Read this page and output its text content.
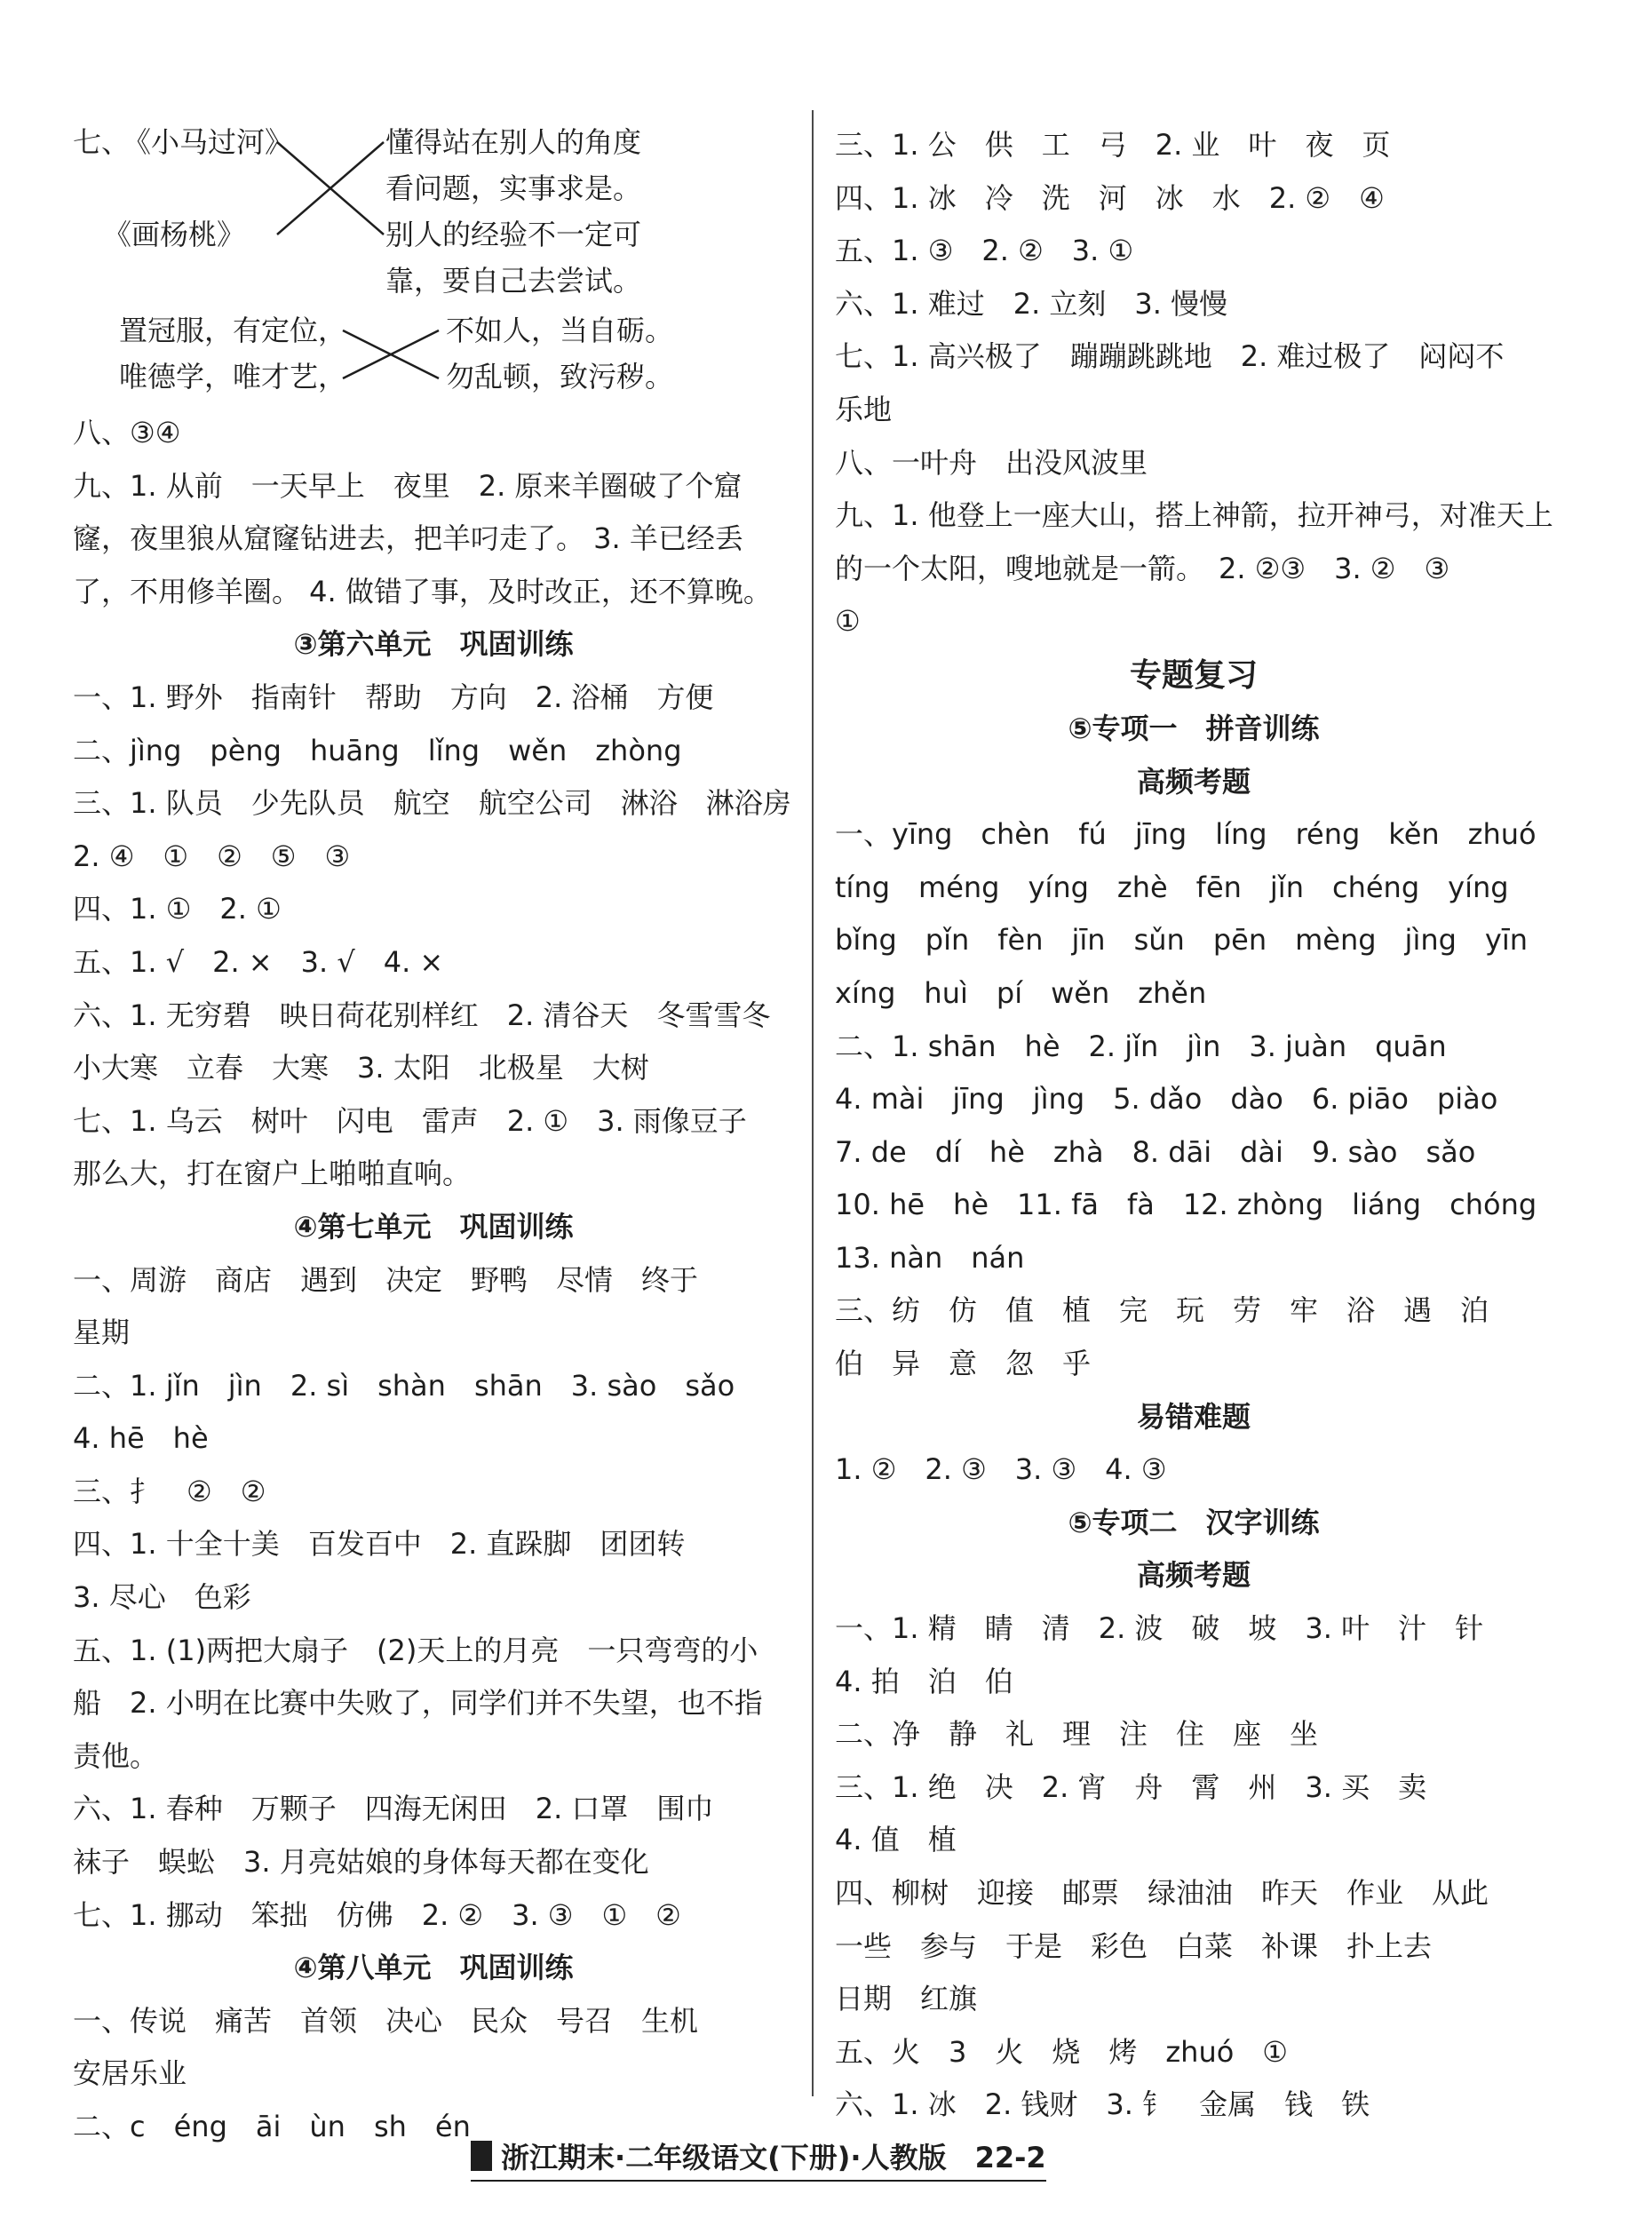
七、
《小马过河》
《画杨桃》
懂得站在别人的角度
看问题，实事求是。
别人的经验不一定可
靠，要自己去尝试。
置冠服，有定位，
唯德学，唯才艺，
不如人，当自砺。
勿乱顿，致污秽。
八、③④
九、1. 从前　一天早上　夜里　2. 原来羊圈破了个窟
窿，夜里狼从窟窿钻进去，把羊叼走了。 3. 羊已经丢
了，不用修羊圈。 4. 做错了事，及时改正，还不算晚。
③第六单元　巩固训练
一、1. 野外　指南针　帮助　方向　2. 浴桶　方便
二、jìng　pèng　huāng　lǐng　wěn　zhòng
三、1. 队员　少先队员　航空　航空公司　淋浴　淋浴房
2. ④　①　②　⑤　③
四、1. ①　2. ①
五、1. √　2. ×　3. √　4. ×
六、1. 无穷碧　映日荷花别样红　2. 清谷天　冬雪雪冬
小大寒　立春　大寒　3. 太阳　北极星　大树
七、1. 乌云　树叶　闪电　雷声　2. ①　3. 雨像豆子
那么大，打在窗户上啪啪直响。
④第七单元　巩固训练
一、周游　商店　遇到　决定　野鸭　尽情　终于
星期
二、1. jǐn　jìn　2. sì　shàn　shān　3. sào　sǎo
4. hē　hè
三、扌　②　②
四、1. 十全十美　百发百中　2. 直跺脚　团团转
3. 尽心　色彩
五、1. (1)两把大扇子　(2)天上的月亮　一只弯弯的小
船　2. 小明在比赛中失败了，同学们并不失望，也不指
责他。
六、1. 春种　万颗子　四海无闲田　2. 口罩　围巾
袜子　蜈蚣　3. 月亮姑娘的身体每天都在变化
七、1. 挪动　笨拙　仿佛　2. ②　3. ③　①　②
④第八单元　巩固训练
一、传说　痛苦　首领　决心　民众　号召　生机
安居乐业
二、c　éng　āi　ùn　sh　én
三、1. 公　供　工　弓　2. 业　叶　夜　页
四、1. 冰　冷　洗　河　冰　水　2. ②　④
五、1. ③　2. ②　3. ①
六、1. 难过　2. 立刻　3. 慢慢
七、1. 高兴极了　蹦蹦跳跳地　2. 难过极了　闷闷不
乐地
八、一叶舟　出没风波里
九、1. 他登上一座大山，搭上神箭，拉开神弓，对准天上
的一个太阳，嗖地就是一箭。　2. ②③　3. ②　③
①
专题复习
⑤专项一　拼音训练
高频考题
一、yīng　chèn　fú　jīng　líng　réng　kěn　zhuó
tíng　méng　yíng　zhè　fēn　jǐn　chéng　yíng
bǐng　pǐn　fèn　jīn　sǔn　pēn　mèng　jìng　yīn
xíng　huì　pí　wěn　zhěn
二、1. shān　hè　2. jǐn　jìn　3. juàn　quān
4. mài　jīng　jìng　5. dǎo　dào　6. piāo　piào
7. de　dí　hè　zhà　8. dāi　dài　9. sào　sǎo
10. hē　hè　11. fā　fà　12. zhòng　liáng　chóng
13. nàn　nán
三、纺　仿　值　植　完　玩　劳　牢　浴　遇　泊
伯　异　意　忽　乎
易错难题
1. ②　2. ③　3. ③　4. ③
⑤专项二　汉字训练
高频考题
一、1. 精　睛　清　2. 波　破　坡　3. 叶　汁　针
4. 拍　泊　伯
二、净　静　礼　理　注　住　座　坐
三、1. 绝　决　2. 宵　舟　霄　州　3. 买　卖
4. 值　植
四、柳树　迎接　邮票　绿油油　昨天　作业　从此
一些　参与　于是　彩色　白菜　补课　扑上去
日期　红旗
五、火　3　火　烧　烤　zhuó　①
六、1. 冰　2. 钱财　3. 钅　金属　钱　铁
浙江期末·二年级语文(下册)·人教版　22-2
